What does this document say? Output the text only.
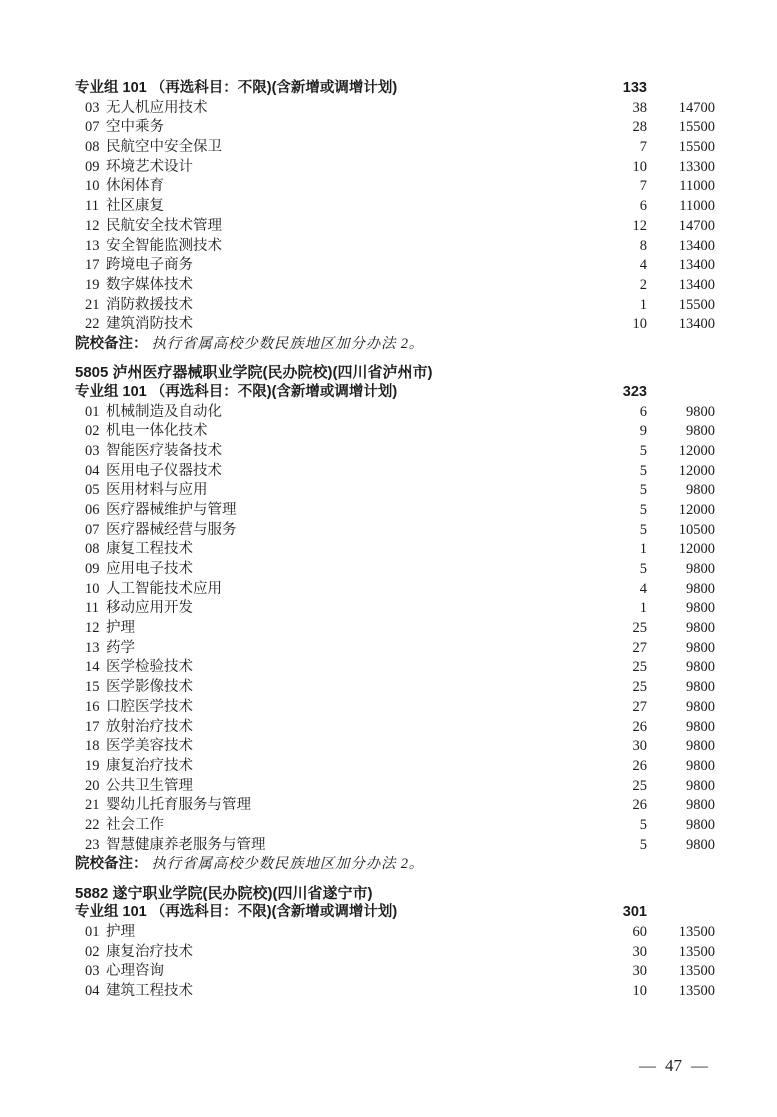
专业组 101 （再选科目：不限)(含新增或调增计划)	133
03 无人机应用技术	38	14700
07 空中乘务	28	15500
08 民航空中安全保卫	7	15500
09 环境艺术设计	10	13300
10 休闲体育	7	11000
11 社区康复	6	11000
12 民航安全技术管理	12	14700
13 安全智能监测技术	8	13400
17 跨境电子商务	4	13400
19 数字媒体技术	2	13400
21 消防救援技术	1	15500
22 建筑消防技术	10	13400
院校备注： 执行省属高校少数民族地区加分办法 2。
5805 泸州医疗器械职业学院(民办院校)(四川省泸州市)
专业组 101 （再选科目：不限)(含新增或调增计划)	323
01 机械制造及自动化	6	9800
02 机电一体化技术	9	9800
03 智能医疗装备技术	5	12000
04 医用电子仪器技术	5	12000
05 医用材料与应用	5	9800
06 医疗器械维护与管理	5	12000
07 医疗器械经营与服务	5	10500
08 康复工程技术	1	12000
09 应用电子技术	5	9800
10 人工智能技术应用	4	9800
11 移动应用开发	1	9800
12 护理	25	9800
13 药学	27	9800
14 医学检验技术	25	9800
15 医学影像技术	25	9800
16 口腔医学技术	27	9800
17 放射治疗技术	26	9800
18 医学美容技术	30	9800
19 康复治疗技术	26	9800
20 公共卫生管理	25	9800
21 婴幼儿托育服务与管理	26	9800
22 社会工作	5	9800
23 智慧健康养老服务与管理	5	9800
院校备注： 执行省属高校少数民族地区加分办法 2。
5882 遂宁职业学院(民办院校)(四川省遂宁市)
专业组 101 （再选科目：不限)(含新增或调增计划)	301
01 护理	60	13500
02 康复治疗技术	30	13500
03 心理咨询	30	13500
04 建筑工程技术	10	13500
— 47 —
